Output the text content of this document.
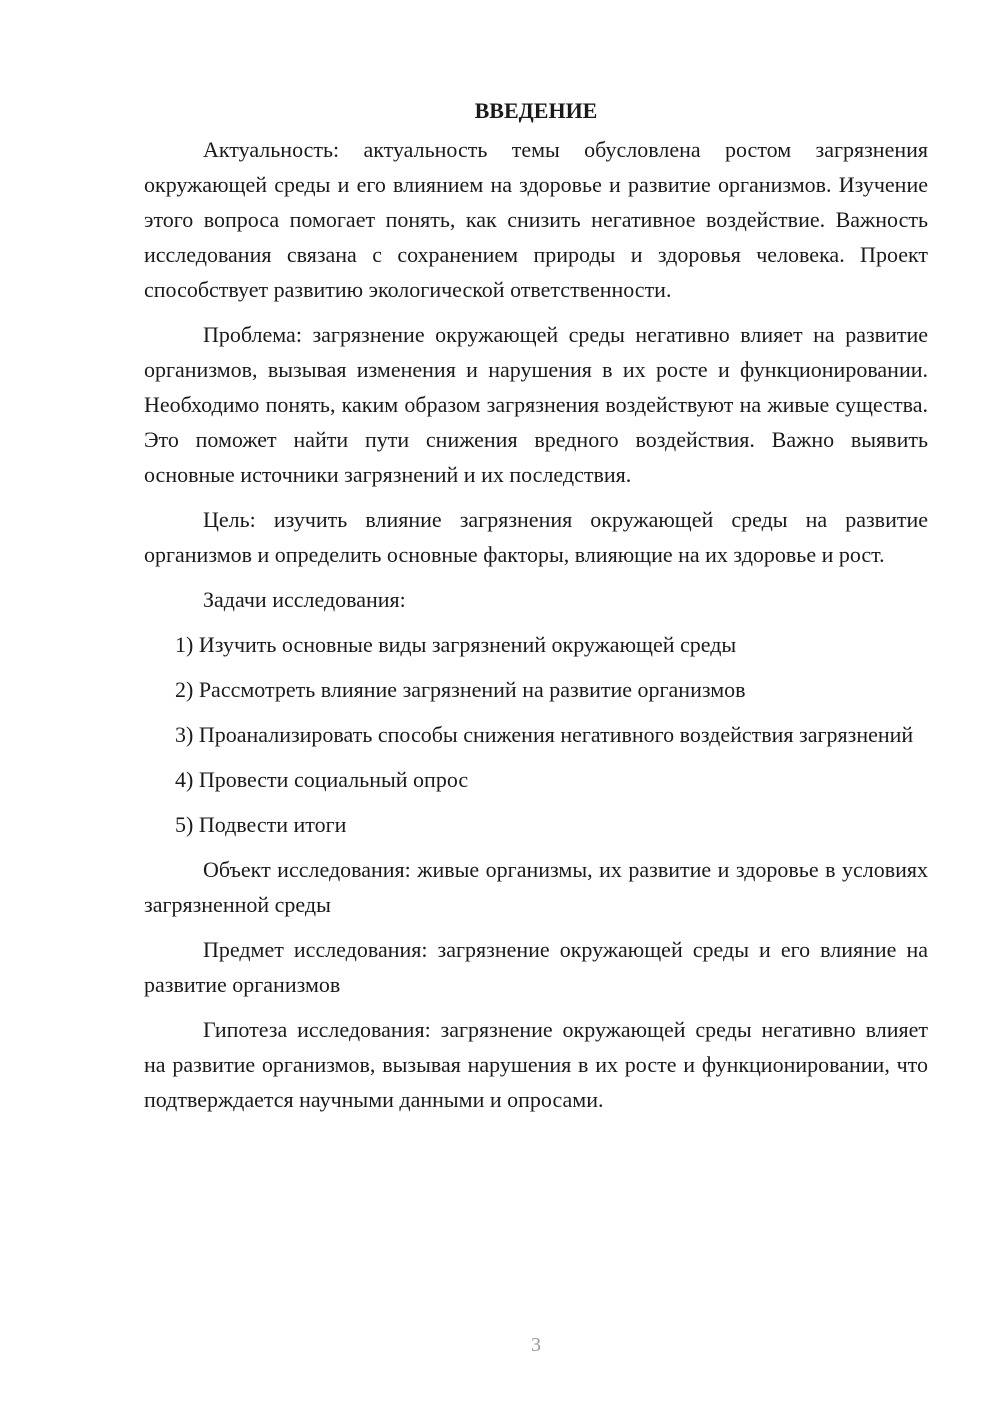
ВВЕДЕНИЕ

Актуальность: актуальность темы обусловлена ростом загрязнения окружающей среды и его влиянием на здоровье и развитие организмов. Изучение этого вопроса помогает понять, как снизить негативное воздействие. Важность исследования связана с сохранением природы и здоровья человека. Проект способствует развитию экологической ответственности.

Проблема: загрязнение окружающей среды негативно влияет на развитие организмов, вызывая изменения и нарушения в их росте и функционировании. Необходимо понять, каким образом загрязнения воздействуют на живые существа. Это поможет найти пути снижения вредного воздействия. Важно выявить основные источники загрязнений и их последствия.

Цель: изучить влияние загрязнения окружающей среды на развитие организмов и определить основные факторы, влияющие на их здоровье и рост.

Задачи исследования:

1) Изучить основные виды загрязнений окружающей среды

2) Рассмотреть влияние загрязнений на развитие организмов

3) Проанализировать способы снижения негативного воздействия загрязнений

4) Провести социальный опрос

5) Подвести итоги

Объект исследования: живые организмы, их развитие и здоровье в условиях загрязненной среды

Предмет исследования: загрязнение окружающей среды и его влияние на развитие организмов

Гипотеза исследования: загрязнение окружающей среды негативно влияет на развитие организмов, вызывая нарушения в их росте и функционировании, что подтверждается научными данными и опросами.

3
